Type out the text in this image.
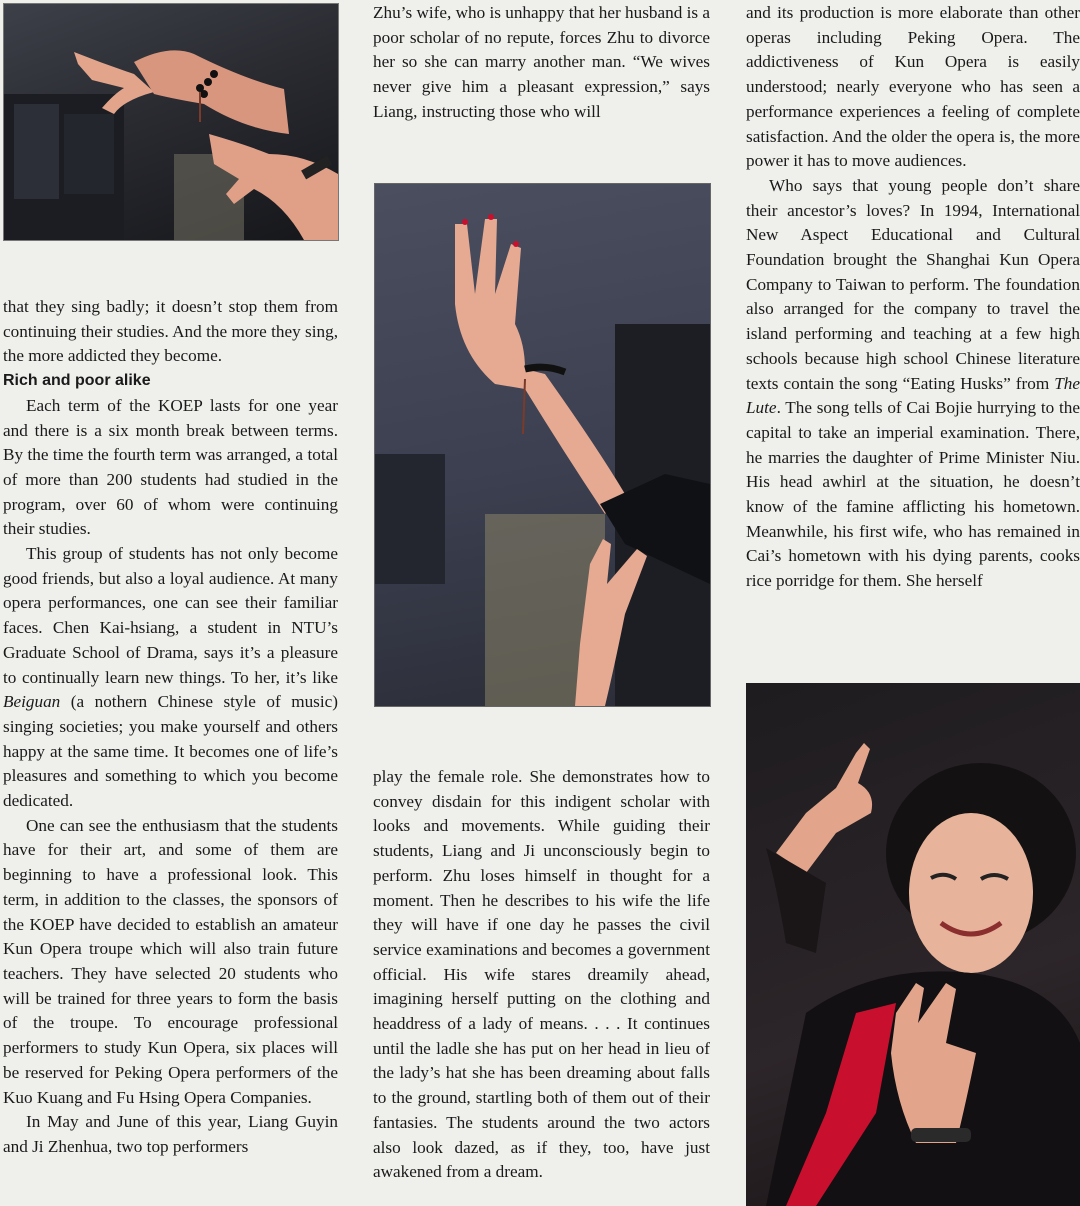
that they sing badly; it doesn’t stop them from continuing their studies. And the more they sing, the more addicted they become.

Rich and poor alike

Each term of the KOEP lasts for one year and there is a six month break between terms. By the time the fourth term was arranged, a total of more than 200 students had studied in the program, over 60 of whom were continuing their studies.

This group of students has not only become good friends, but also a loyal audience. At many opera performances, one can see their familiar faces. Chen Kai-hsiang, a student in NTU’s Graduate School of Drama, says it’s a pleasure to continually learn new things. To her, it’s like Beiguan (a nothern Chinese style of music) singing societies; you make yourself and others happy at the same time. It becomes one of life’s pleasures and something to which you become dedicated.

One can see the enthusiasm that the students have for their art, and some of them are beginning to have a professional look. This term, in addition to the classes, the sponsors of the KOEP have decided to establish an amateur Kun Opera troupe which will also train future teachers. They have selected 20 students who will be trained for three years to form the basis of the troupe. To encourage professional performers to study Kun Opera, six places will be reserved for Peking Opera performers of the Kuo Kuang and Fu Hsing Opera Companies.

In May and June of this year, Liang Guyin and Ji Zhenhua, two top performers

Zhu’s wife, who is unhappy that her husband is a poor scholar of no repute, forces Zhu to divorce her so she can marry another man. “We wives never give him a pleasant expression,” says Liang, instructing those who will

play the female role. She demonstrates how to convey disdain for this indigent scholar with looks and movements. While guiding their students, Liang and Ji unconsciously begin to perform. Zhu loses himself in thought for a moment. Then he describes to his wife the life they will have if one day he passes the civil service examinations and becomes a government official. His wife stares dreamily ahead, imagining herself putting on the clothing and headdress of a lady of means. . . . It continues until the ladle she has put on her head in lieu of the lady’s hat she has been dreaming about falls to the ground, startling both of them out of their fantasies. The students around the two actors also look dazed, as if they, too, have just awakened from a dream.

and its production is more elaborate than other operas including Peking Opera. The addictiveness of Kun Opera is easily understood; nearly everyone who has seen a performance experiences a feeling of complete satisfaction. And the older the opera is, the more power it has to move audiences.

Who says that young people don’t share their ancestor’s loves? In 1994, International New Aspect Educational and Cultural Foundation brought the Shanghai Kun Opera Company to Taiwan to perform. The foundation also arranged for the company to travel the island performing and teaching at a few high schools because high school Chinese literature texts contain the song “Eating Husks” from The Lute. The song tells of Cai Bojie hurrying to the capital to take an imperial examination. There, he marries the daughter of Prime Minister Niu. His head awhirl at the situation, he doesn’t know of the famine afflicting his hometown. Meanwhile, his first wife, who has remained in Cai’s hometown with his dying parents, cooks rice porridge for them. She herself
